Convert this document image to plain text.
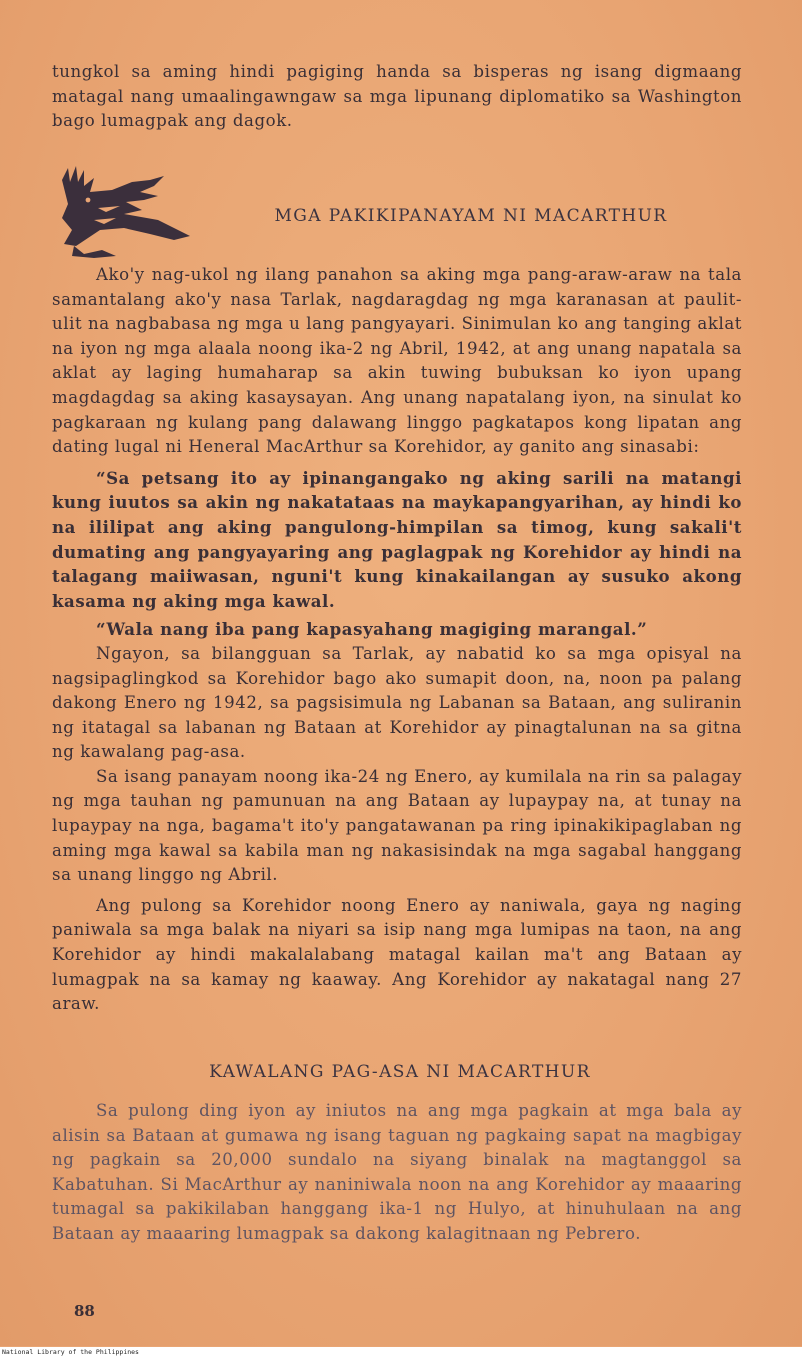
tungkol sa aming hindi pagiging handa sa bisperas ng isang digmaang matagal nang umaalingawngaw sa mga lipunang diplomatiko sa Washington bago lumagpak ang dagok.

MGA PAKIKIPANAYAM NI MACARTHUR

Ako'y nag-ukol ng ilang panahon sa aking mga pang-araw-araw na tala samantalang ako'y nasa Tarlak, nagdaragdag ng mga karanasan at paulit-ulit na nagbabasa ng mga u lang pangyayari. Sinimulan ko ang tanging aklat na iyon ng mga alaala noong ika-2 ng Abril, 1942, at ang unang napatala sa aklat ay laging humaharap sa akin tuwing bubuksan ko iyon upang magdagdag sa aking kasaysayan. Ang unang napatalang iyon, na sinulat ko pagkaraan ng kulang pang dalawang linggo pagkatapos kong lipatan ang dating lugal ni Heneral MacArthur sa Korehidor, ay ganito ang sinasabi:

“Sa petsang ito ay ipinangangako ng aking sarili na matangi kung iuutos sa akin ng nakatataas na maykapangyarihan, ay hindi ko na ililipat ang aking pangulong-himpilan sa timog, kung sakali't dumating ang pangyayaring ang paglagpak ng Korehidor ay hindi na talagang maiiwasan, nguni't kung kinakailangan ay susuko akong kasama ng aking mga kawal.

“Wala nang iba pang kapasyahang magiging marangal.”

Ngayon, sa bilangguan sa Tarlak, ay nabatid ko sa mga opisyal na nagsipaglingkod sa Korehidor bago ako sumapit doon, na, noon pa palang dakong Enero ng 1942, sa pagsisimula ng Labanan sa Bataan, ang suliranin ng itatagal sa labanan ng Bataan at Korehidor ay pinagtalunan na sa gitna ng kawalang pag-asa.

Sa isang panayam noong ika-24 ng Enero, ay kumilala na rin sa palagay ng mga tauhan ng pamunuan na ang Bataan ay lupaypay na, at tunay na lupaypay na nga, bagama't ito'y pangatawanan pa ring ipinakikipaglaban ng aming mga kawal sa kabila man ng nakasisindak na mga sagabal hanggang sa unang linggo ng Abril.

Ang pulong sa Korehidor noong Enero ay naniwala, gaya ng naging paniwala sa mga balak na niyari sa isip nang mga lumipas na taon, na ang Korehidor ay hindi makalalabang matagal kailan ma't ang Bataan ay lumagpak na sa kamay ng kaaway. Ang Korehidor ay nakatagal nang 27 araw.

KAWALANG PAG-ASA NI MACARTHUR

Sa pulong ding iyon ay iniutos na ang mga pagkain at mga bala ay alisin sa Bataan at gumawa ng isang taguan ng pagkaing sapat na magbigay ng pagkain sa 20,000 sundalo na siyang binalak na magtanggol sa Kabatuhan. Si MacArthur ay naniniwala noon na ang Korehidor ay maaaring tumagal sa pakikilaban hanggang ika-1 ng Hulyo, at hinuhulaan na ang Bataan ay maaaring lumagpak sa dakong kalagitnaan ng Pebrero.

88
National Library of the Philippines
